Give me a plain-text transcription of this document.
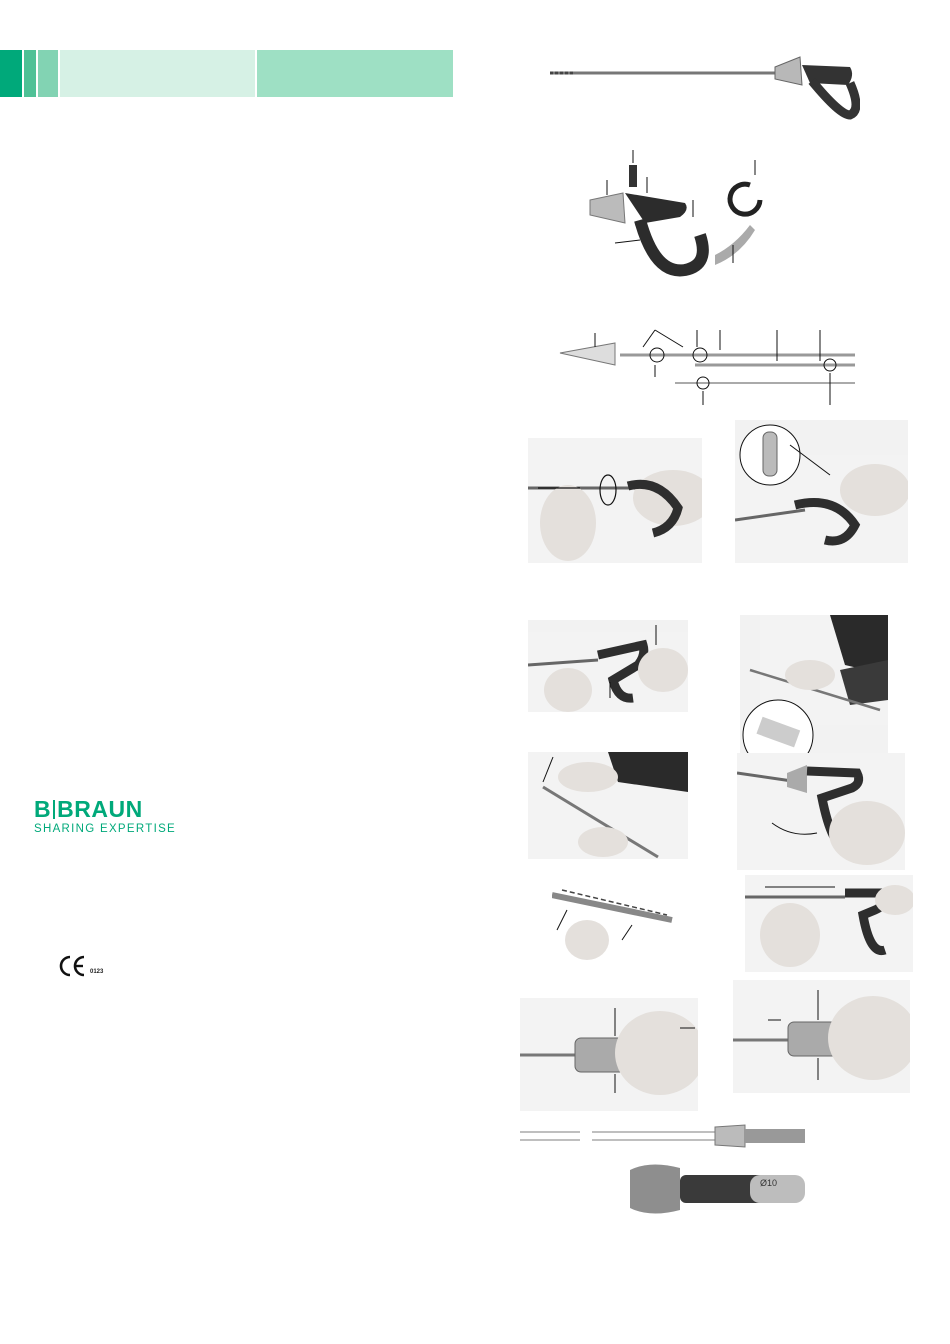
B BRAUN
SHARING EXPERTISE
0123
Ø10
